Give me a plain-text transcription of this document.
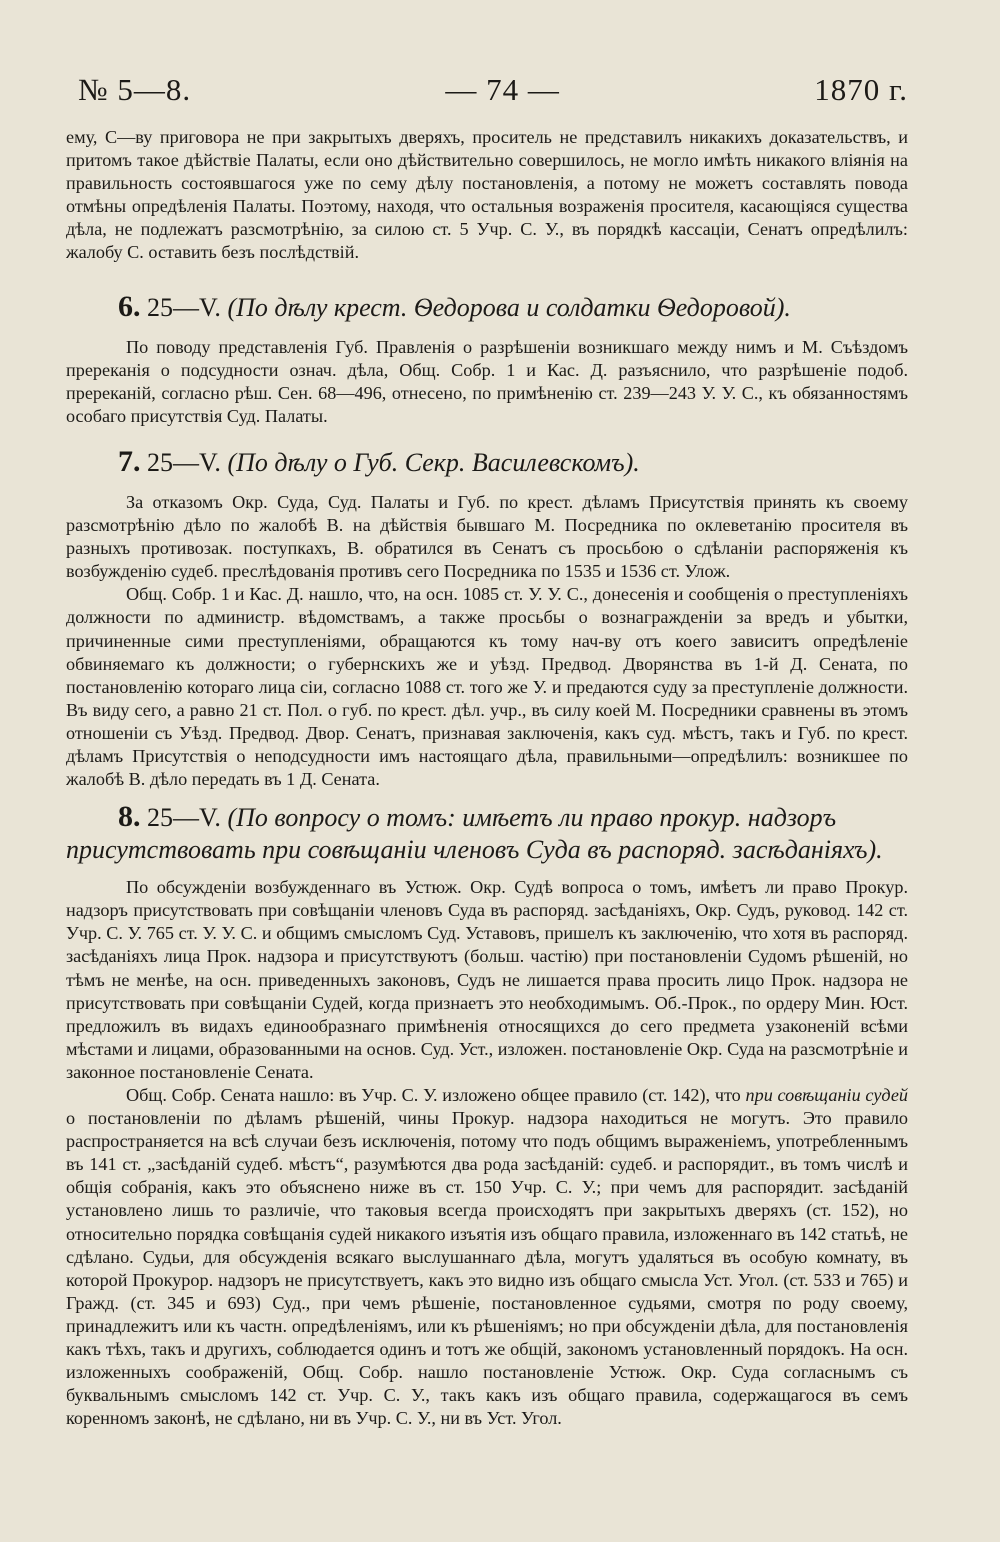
№ 5—8.	— 74 —	1870 г.

ему, С—ву приговора не при закрытыхъ дверяхъ, проситель не представилъ никакихъ доказательствъ, и притомъ такое дѣйствіе Палаты, если оно дѣйствительно совершилось, не могло имѣть никакого вліянія на правильность состоявшагося уже по сему дѣлу постановленія, а потому не можетъ составлять повода отмѣны опредѣленія Палаты. Поэтому, находя, что остальныя возраженія просителя, касающіяся существа дѣла, не подлежатъ разсмотрѣнію, за силою ст. 5 Учр. С. У., въ порядкѣ кассаціи, Сенатъ опредѣлилъ: жалобу С. оставить безъ послѣдствій.

6. 25—V. (По дѣлу крест. Ѳедорова и солдатки Ѳедоровой).

По поводу представленія Губ. Правленія о разрѣшеніи возникшаго между нимъ и М. Съѣздомъ пререканія о подсудности означ. дѣла, Общ. Собр. 1 и Кас. Д. разъяснило, что разрѣшеніе подоб. пререканій, согласно рѣш. Сен. 68—496, отнесено, по примѣненію ст. 239—243 У. У. С., къ обязанностямъ особаго присутствія Суд. Палаты.

7. 25—V. (По дѣлу о Губ. Секр. Василевскомъ).

За отказомъ Окр. Суда, Суд. Палаты и Губ. по крест. дѣламъ Присутствія принять къ своему разсмотрѣнію дѣло по жалобѣ В. на дѣйствія бывшаго М. Посредника по оклеветанію просителя въ разныхъ противозак. поступкахъ, В. обратился въ Сенатъ съ просьбою о сдѣланіи распоряженія къ возбужденію судеб. преслѣдованія противъ сего Посредника по 1535 и 1536 ст. Улож.

Общ. Собр. 1 и Кас. Д. нашло, что, на осн. 1085 ст. У. У. С., донесенія и сообщенія о преступленіяхъ должности по администр. вѣдомствамъ, а также просьбы о вознагражденіи за вредъ и убытки, причиненные сими преступленіями, обращаются къ тому нач-ву отъ коего зависитъ опредѣленіе обвиняемаго къ должности; о губернскихъ же и уѣзд. Предвод. Дворянства въ 1-й Д. Сената, по постановленію котораго лица сіи, согласно 1088 ст. того же У. и предаются суду за преступленіе должности. Въ виду сего, а равно 21 ст. Пол. о губ. по крест. дѣл. учр., въ силу коей М. Посредники сравнены въ этомъ отношеніи съ Уѣзд. Предвод. Двор. Сенатъ, признавая заключенія, какъ суд. мѣстъ, такъ и Губ. по крест. дѣламъ Присутствія о неподсудности имъ настоящаго дѣла, правильными—опредѣлилъ: возникшее по жалобѣ В. дѣло передать въ 1 Д. Сената.

8. 25—V. (По вопросу о томъ: имѣетъ ли право прокур. надзоръ присутствовать при совѣщаніи членовъ Суда въ распоряд. засѣданіяхъ).

По обсужденіи возбужденнаго въ Устюж. Окр. Судѣ вопроса о томъ, имѣетъ ли право Прокур. надзоръ присутствовать при совѣщаніи членовъ Суда въ распоряд. засѣданіяхъ, Окр. Судъ, руковод. 142 ст. Учр. С. У. 765 ст. У. У. С. и общимъ смысломъ Суд. Уставовъ, пришелъ къ заключенію, что хотя въ распоряд. засѣданіяхъ лица Прок. надзора и присутствуютъ (больш. частію) при постановленіи Судомъ рѣшеній, но тѣмъ не менѣе, на осн. приведенныхъ законовъ, Судъ не лишается права просить лицо Прок. надзора не присутствовать при совѣщаніи Судей, когда признаетъ это необходимымъ. Об.-Прок., по ордеру Мин. Юст. предложилъ въ видахъ единообразнаго примѣненія относящихся до сего предмета узаконеній всѣми мѣстами и лицами, образованными на основ. Суд. Уст., изложен. постановленіе Окр. Суда на разсмотрѣніе и законное постановленіе Сената.

Общ. Собр. Сената нашло: въ Учр. С. У. изложено общее правило (ст. 142), что при совѣщаніи судей о постановленіи по дѣламъ рѣшеній, чины Прокур. надзора находиться не могутъ. Это правило распространяется на всѣ случаи безъ исключенія, потому что подъ общимъ выраженіемъ, употребленнымъ въ 141 ст. „засѣданій судеб. мѣстъ“, разумѣются два рода засѣданій: судеб. и распорядит., въ томъ числѣ и общія собранія, какъ это объяснено ниже въ ст. 150 Учр. С. У.; при чемъ для распорядит. засѣданій установлено лишь то различіе, что таковыя всегда происходятъ при закрытыхъ дверяхъ (ст. 152), но относительно порядка совѣщанія судей никакого изъятія изъ общаго правила, изложеннаго въ 142 статьѣ, не сдѣлано. Судьи, для обсужденія всякаго выслушаннаго дѣла, могутъ удаляться въ особую комнату, въ которой Прокурор. надзоръ не присутствуетъ, какъ это видно изъ общаго смысла Уст. Угол. (ст. 533 и 765) и Гражд. (ст. 345 и 693) Суд., при чемъ рѣшеніе, постановленное судьями, смотря по роду своему, принадлежитъ или къ частн. опредѣленіямъ, или къ рѣшеніямъ; но при обсужденіи дѣла, для постановленія какъ тѣхъ, такъ и другихъ, соблюдается одинъ и тотъ же общій, закономъ установленный порядокъ. На осн. изложенныхъ соображеній, Общ. Собр. нашло постановленіе Устюж. Окр. Суда согласнымъ съ буквальнымъ смысломъ 142 ст. Учр. С. У., такъ какъ изъ общаго правила, содержащагося въ семъ коренномъ законѣ, не сдѣлано, ни въ Учр. С. У., ни въ Уст. Угол.
